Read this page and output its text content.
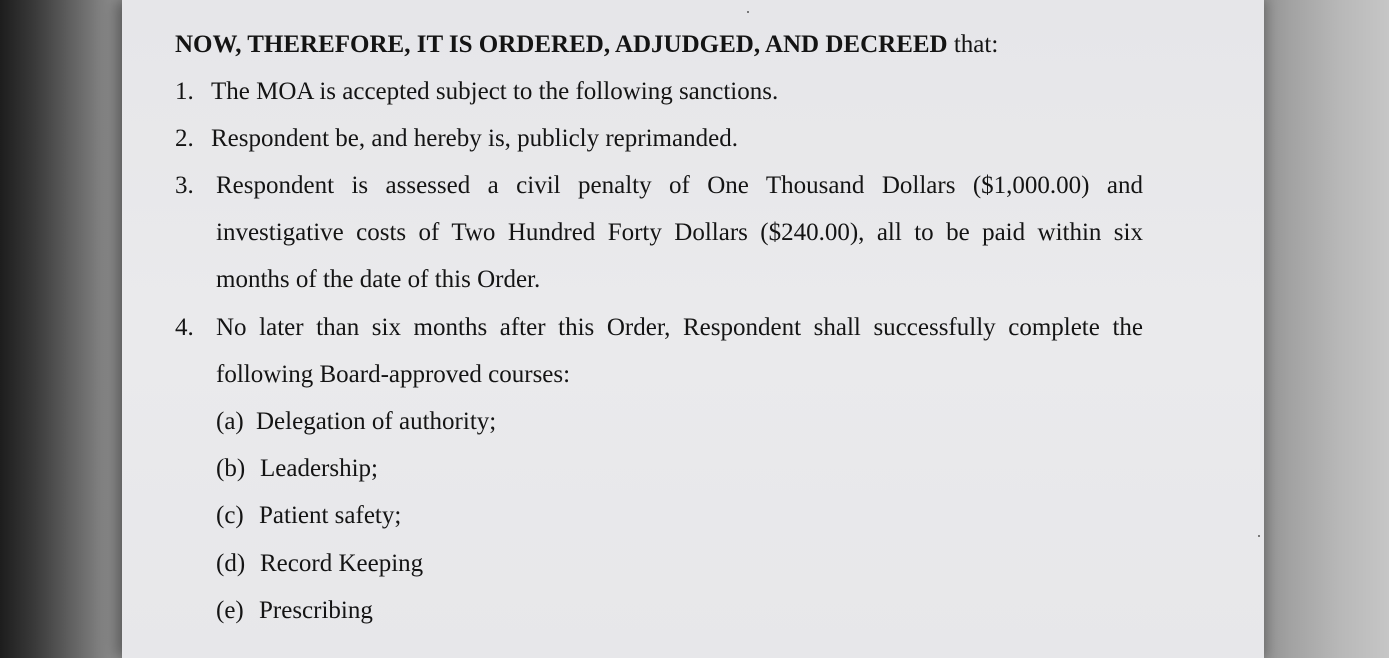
NOW, THEREFORE, IT IS ORDERED, ADJUDGED, AND DECREED that:

1. The MOA is accepted subject to the following sanctions.

2. Respondent be, and hereby is, publicly reprimanded.

3. Respondent is assessed a civil penalty of One Thousand Dollars ($1,000.00) and
investigative costs of Two Hundred Forty Dollars ($240.00), all to be paid within six

months of the date of this Order.

4. No later than six months after this Order, Respondent shall successfully complete the

following Board-approved courses:

(a) Delegation of authority;
(b) Leadership;
(c) Patient safety;
(d) Record Keeping
(e) Prescribing
